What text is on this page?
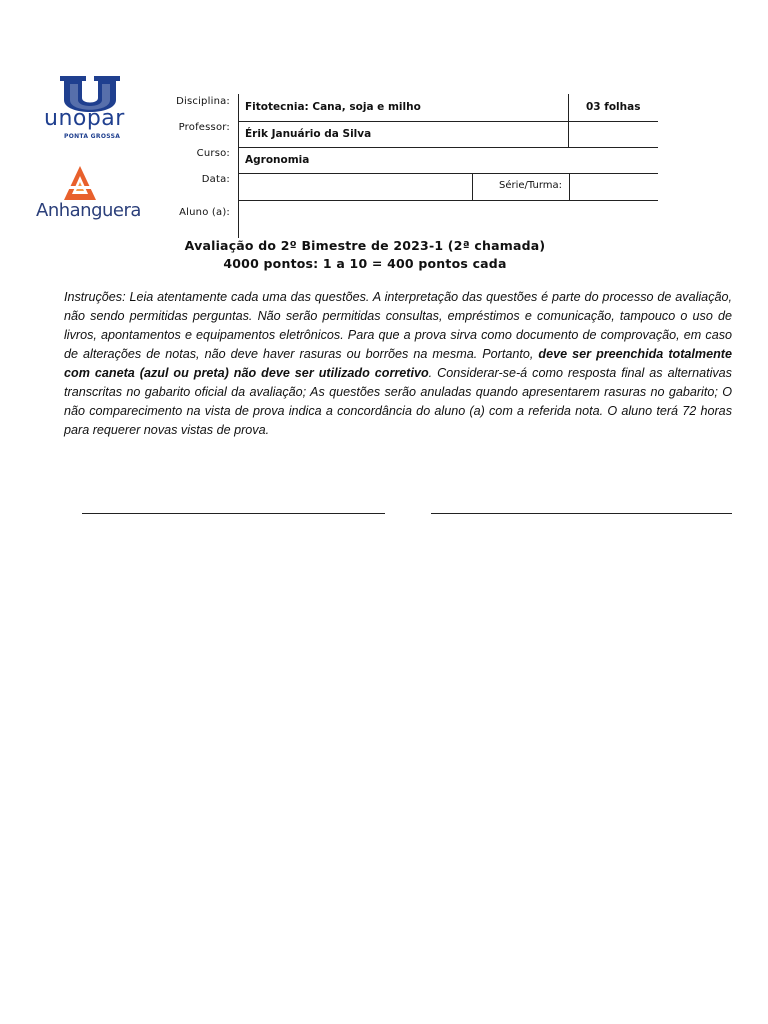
unopar
PONTA GROSSA
Anhanguera
Disciplina: Fitotecnia: Cana, soja e milho	03 folhas
Professor:
Érik Januário da Silva
Curso:
Agronomia
Data:
Série/Turma:
Aluno (a):
Avaliação do 2º Bimestre de 2023-1 (2ª chamada)
4000 pontos: 1 a 10 = 400 pontos cada
Instruções: Leia atentamente cada uma das questões. A interpretação das questões é parte do processo de avaliação, não sendo permitidas perguntas. Não serão permitidas consultas, empréstimos e comunicação, tampouco o uso de livros, apontamentos e equipamentos eletrônicos. Para que a prova sirva como documento de comprovação, em caso de alterações de notas, não deve haver rasuras ou borrões na mesma. Portanto, deve ser preenchida totalmente com caneta (azul ou preta) não deve ser utilizado corretivo. Considerar-se-á como resposta final as alternativas transcritas no gabarito oficial da avaliação; As questões serão anuladas quando apresentarem rasuras no gabarito; O não comparecimento na vista de prova indica a concordância do aluno (a) com a referida nota. O aluno terá 72 horas para requerer novas vistas de prova.
